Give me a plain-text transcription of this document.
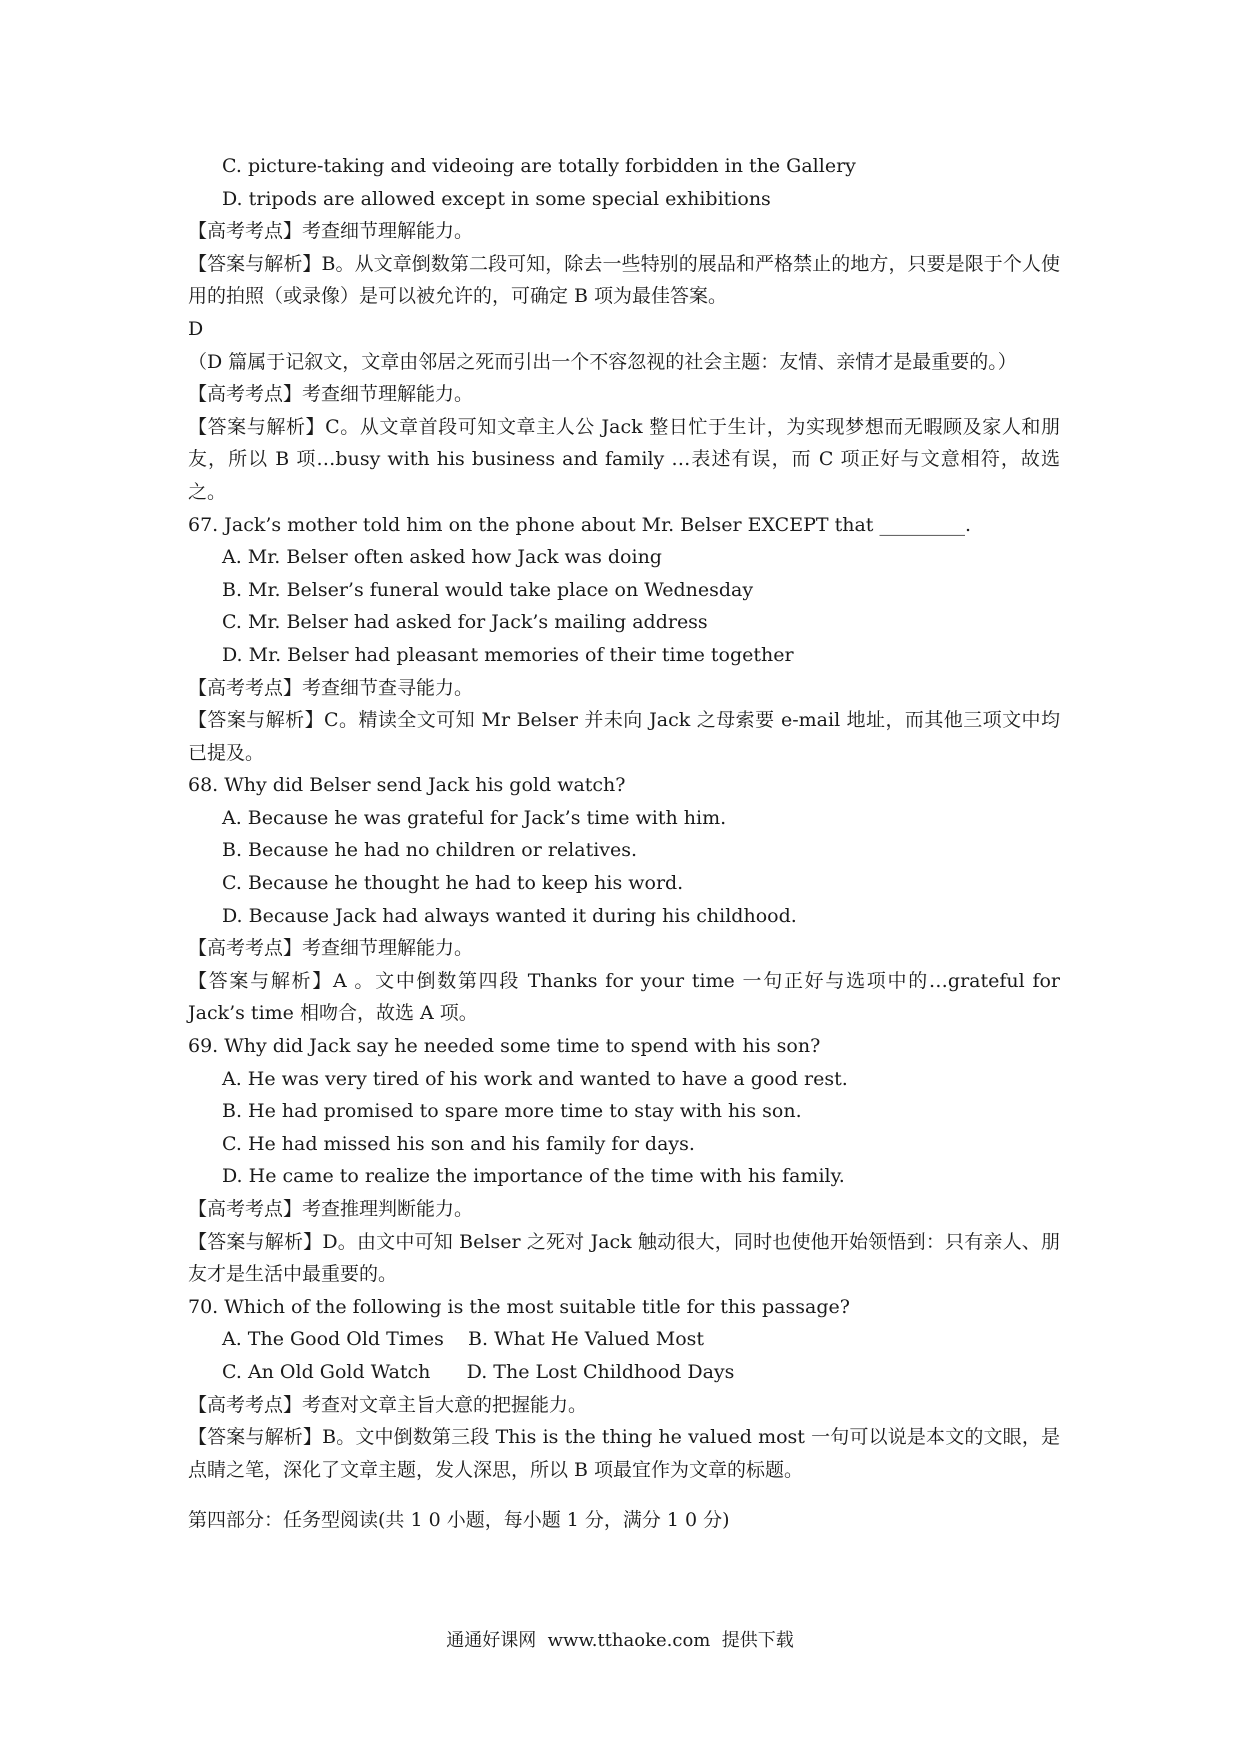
C. picture-taking and videoing are totally forbidden in the Gallery
D. tripods are allowed except in some special exhibitions
【高考考点】考查细节理解能力。
【答案与解析】B。从文章倒数第二段可知，除去一些特别的展品和严格禁止的地方，只要是限于个人使用的拍照（或录像）是可以被允许的，可确定 B 项为最佳答案。
D
（D 篇属于记叙文，文章由邻居之死而引出一个不容忽视的社会主题：友情、亲情才是最重要的。）
【高考考点】考查细节理解能力。
【答案与解析】C。从文章首段可知文章主人公 Jack 整日忙于生计，为实现梦想而无暇顾及家人和朋友，所以 B 项…busy with his business and family …表述有误，而 C 项正好与文意相符，故选之。
67. Jack’s mother told him on the phone about Mr. Belser EXCEPT that _________.
A. Mr. Belser often asked how Jack was doing
B. Mr. Belser’s funeral would take place on Wednesday
C. Mr. Belser had asked for Jack’s mailing address
D. Mr. Belser had pleasant memories of their time together
【高考考点】考查细节查寻能力。
【答案与解析】C。精读全文可知 Mr Belser 并未向 Jack 之母索要 e-mail 地址，而其他三项文中均已提及。
68. Why did Belser send Jack his gold watch?
A. Because he was grateful for Jack’s time with him.
B. Because he had no children or relatives.
C. Because he thought he had to keep his word.
D. Because Jack had always wanted it during his childhood.
【高考考点】考查细节理解能力。
【答案与解析】A 。文中倒数第四段 Thanks for your time 一句正好与选项中的…grateful for Jack’s time 相吻合，故选 A 项。
69. Why did Jack say he needed some time to spend with his son?
A. He was very tired of his work and wanted to have a good rest.
B. He had promised to spare more time to stay with his son.
C. He had missed his son and his family for days.
D. He came to realize the importance of the time with his family.
【高考考点】考查推理判断能力。
【答案与解析】D。由文中可知 Belser 之死对 Jack 触动很大，同时也使他开始领悟到：只有亲人、朋友才是生活中最重要的。
70. Which of the following is the most suitable title for this passage?
A. The Good Old Times    B. What He Valued Most
C. An Old Gold Watch      D. The Lost Childhood Days
【高考考点】考查对文章主旨大意的把握能力。
【答案与解析】B。文中倒数第三段 This is the thing he valued most 一句可以说是本文的文眼，是点睛之笔，深化了文章主题，发人深思，所以 B 项最宜作为文章的标题。
第四部分：任务型阅读(共 1 0 小题，每小题 1 分，满分 1 0 分)
通通好课网  www.tthaoke.com  提供下载
